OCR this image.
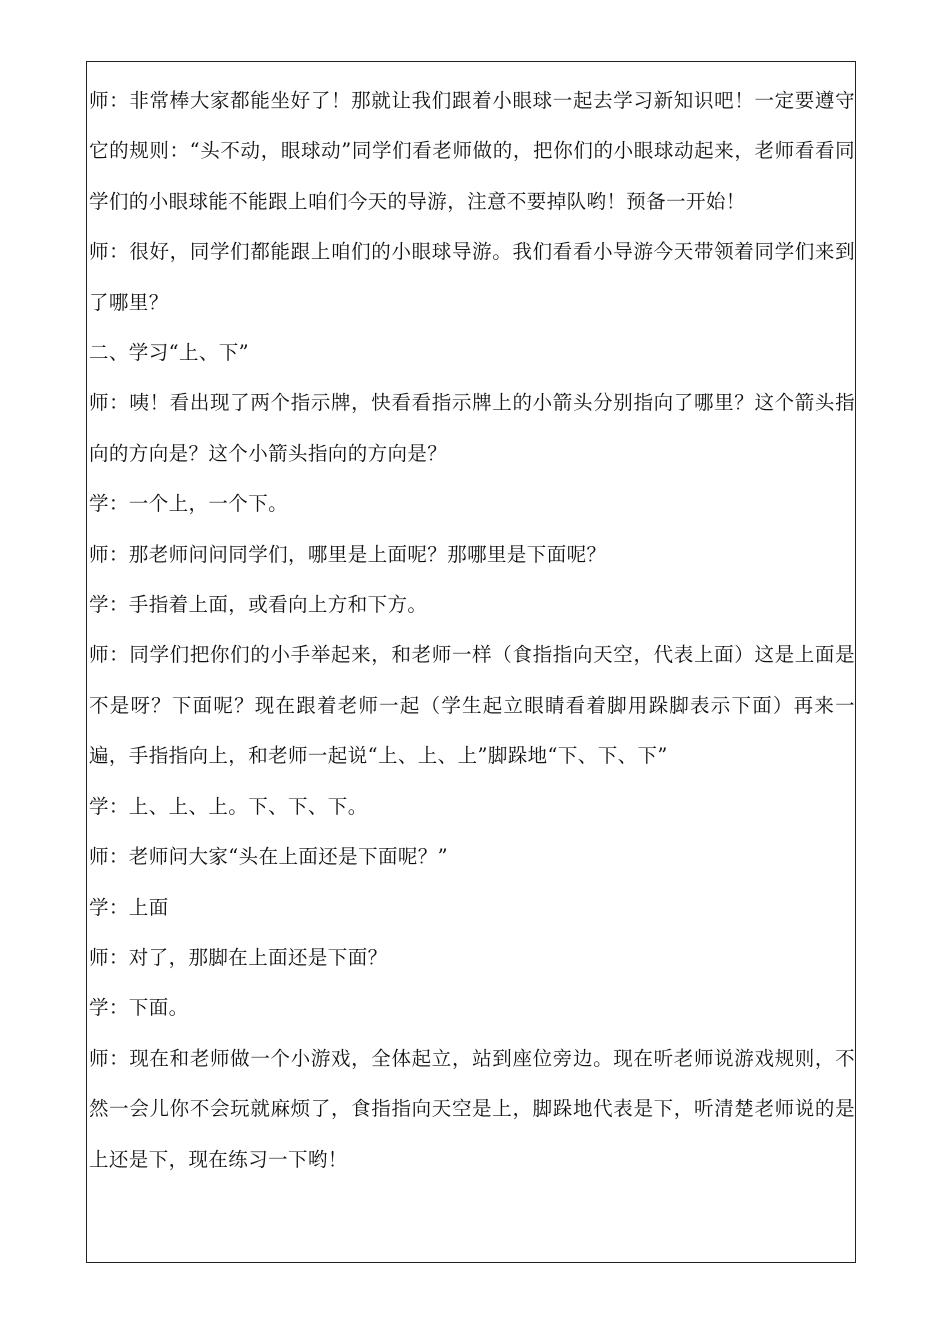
师：非常棒大家都能坐好了！那就让我们跟着小眼球一起去学习新知识吧！一定要遵守它的规则：“头不动，眼球动”同学们看老师做的，把你们的小眼球动起来，老师看看同学们的小眼球能不能跟上咱们今天的导游，注意不要掉队哟！预备一开始！

师：很好，同学们都能跟上咱们的小眼球导游。我们看看小导游今天带领着同学们来到了哪里？

二、学习“上、下”

师：咦！看出现了两个指示牌，快看看指示牌上的小箭头分别指向了哪里？这个箭头指向的方向是？这个小箭头指向的方向是？

学：一个上，一个下。

师：那老师问问同学们，哪里是上面呢？那哪里是下面呢？

学：手指着上面，或看向上方和下方。

师：同学们把你们的小手举起来，和老师一样（食指指向天空，代表上面）这是上面是不是呀？下面呢？现在跟着老师一起（学生起立眼睛看着脚用跺脚表示下面）再来一遍，手指指向上，和老师一起说“上、上、上”脚跺地“下、下、下”

学：上、上、上。下、下、下。

师：老师问大家“头在上面还是下面呢？”

学：上面

师：对了，那脚在上面还是下面？

学：下面。

师：现在和老师做一个小游戏，全体起立，站到座位旁边。现在听老师说游戏规则，不然一会儿你不会玩就麻烦了，食指指向天空是上，脚跺地代表是下，听清楚老师说的是上还是下，现在练习一下哟！
